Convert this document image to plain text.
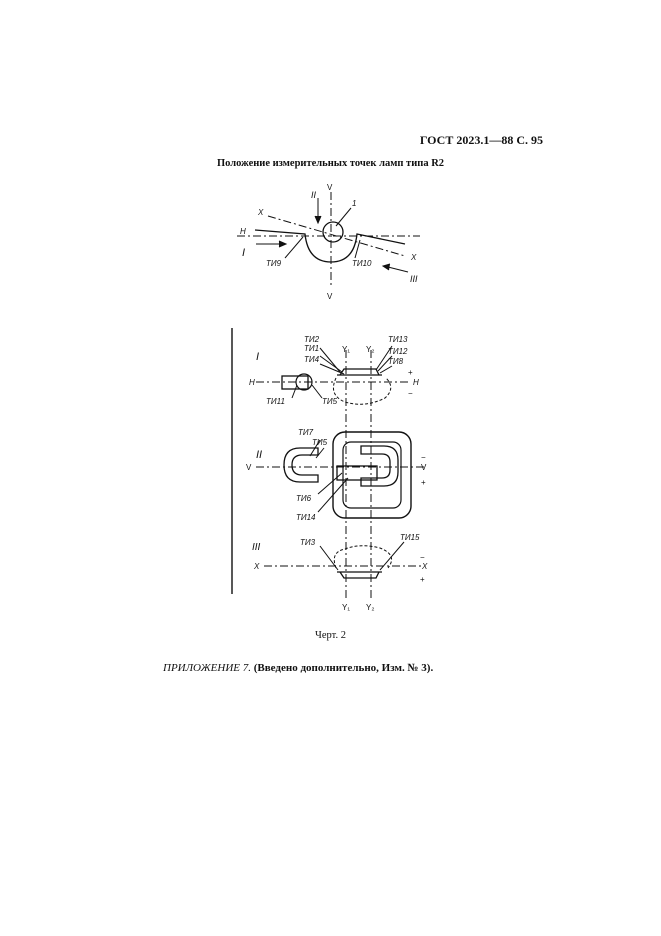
ГОСТ 2023.1—88 С. 95
Положение измерительных точек ламп типа R2
V
V
X
X
H
1
I
II
III
ТИ9	ТИ10
I
II
III
Y₁ Y₂
Y₁ Y₂
H	H
+
−
V	V
−
+
X	X
−
+
ТИ2
ТИ1
ТИ4
ТИ13
ТИ12
ТИ8
ТИ11	ТИ5
ТИ7
ТИ5
ТИ6
ТИ14
ТИ3
ТИ15
Черт. 2
ПРИЛОЖЕНИЕ 7. (Введено дополнительно, Изм. № 3).
